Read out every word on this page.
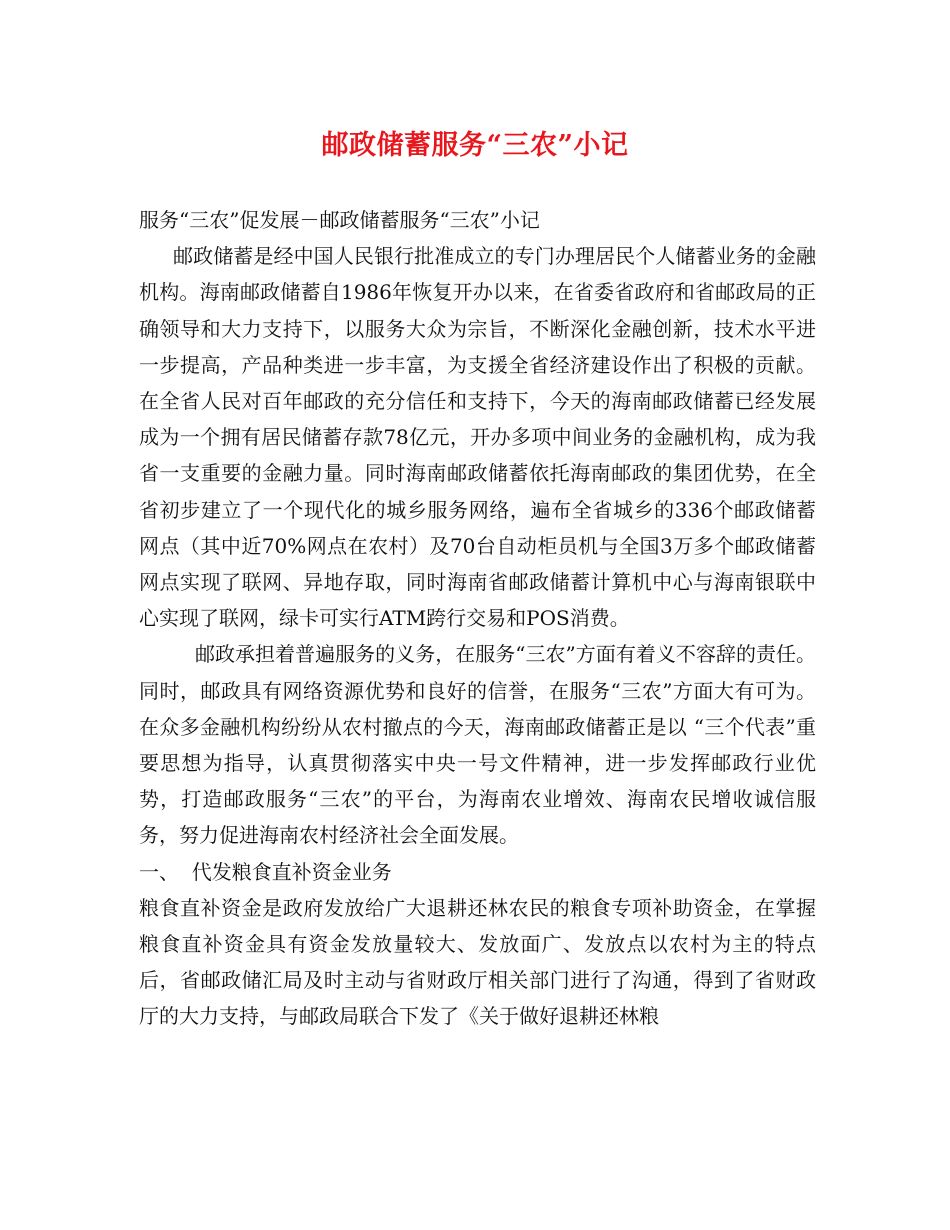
邮政储蓄服务“三农”小记

服务“三农”促发展－邮政储蓄服务“三农”小记

邮政储蓄是经中国人民银行批准成立的专门办理居民个人储蓄业务的金融机构。海南邮政储蓄自1986年恢复开办以来，在省委省政府和省邮政局的正确领导和大力支持下，以服务大众为宗旨，不断深化金融创新，技术水平进一步提高，产品种类进一步丰富，为支援全省经济建设作出了积极的贡献。在全省人民对百年邮政的充分信任和支持下，今天的海南邮政储蓄已经发展成为一个拥有居民储蓄存款78亿元，开办多项中间业务的金融机构，成为我省一支重要的金融力量。同时海南邮政储蓄依托海南邮政的集团优势，在全省初步建立了一个现代化的城乡服务网络，遍布全省城乡的336个邮政储蓄网点（其中近70%网点在农村）及70台自动柜员机与全国3万多个邮政储蓄网点实现了联网、异地存取，同时海南省邮政储蓄计算机中心与海南银联中心实现了联网，绿卡可实行ATM跨行交易和POS消费。

邮政承担着普遍服务的义务，在服务“三农”方面有着义不容辞的责任。同时，邮政具有网络资源优势和良好的信誉，在服务“三农”方面大有可为。在众多金融机构纷纷从农村撤点的今天，海南邮政储蓄正是以 “三个代表”重要思想为指导，认真贯彻落实中央一号文件精神，进一步发挥邮政行业优势，打造邮政服务“三农”的平台，为海南农业增效、海南农民增收诚信服务，努力促进海南农村经济社会全面发展。

一、  代发粮食直补资金业务

粮食直补资金是政府发放给广大退耕还林农民的粮食专项补助资金，在掌握粮食直补资金具有资金发放量较大、发放面广、发放点以农村为主的特点后，省邮政储汇局及时主动与省财政厅相关部门进行了沟通，得到了省财政厅的大力支持，与邮政局联合下发了《关于做好退耕还林粮
